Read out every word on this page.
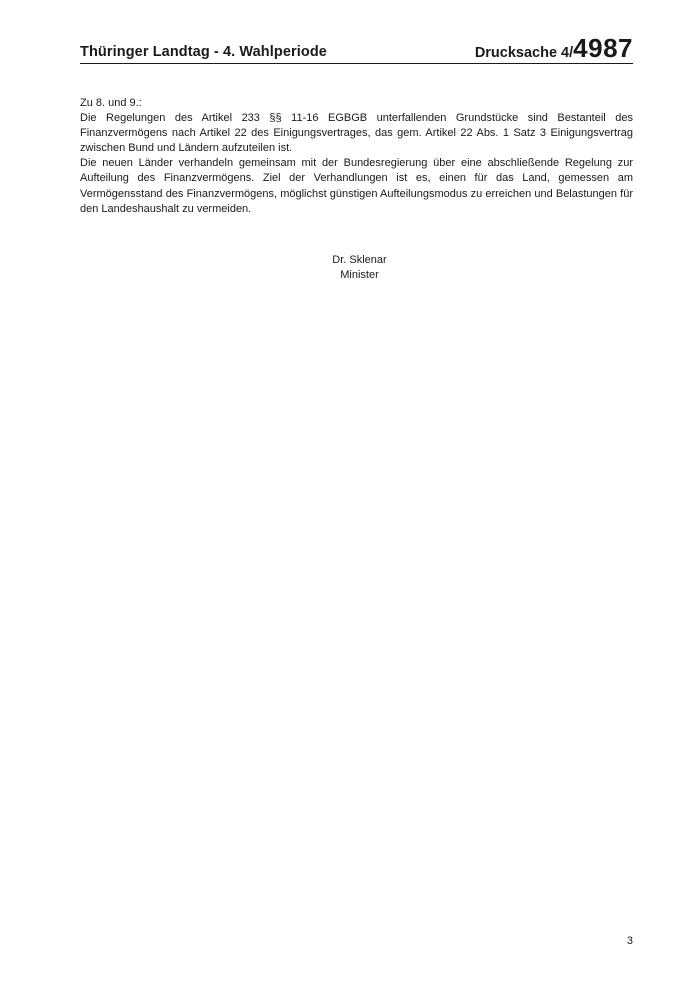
Thüringer Landtag - 4. Wahlperiode	Drucksache 4/4987

Zu 8. und 9.:

Die Regelungen des Artikel 233 §§ 11-16 EGBGB unterfallenden Grundstücke sind Bestanteil des Finanzvermögens nach Artikel 22 des Einigungsvertrages, das gem. Artikel 22 Abs. 1 Satz 3 Einigungsvertrag zwischen Bund und Ländern aufzuteilen ist.

Die neuen Länder verhandeln gemeinsam mit der Bundesregierung über eine abschließende Regelung zur Aufteilung des Finanzvermögens. Ziel der Verhandlungen ist es, einen für das Land, gemessen am Vermögensstand des Finanzvermögens, möglichst günstigen Aufteilungsmodus zu erreichen und Belastungen für den Landeshaushalt zu vermeiden.

Dr. Sklenar
Minister
3
